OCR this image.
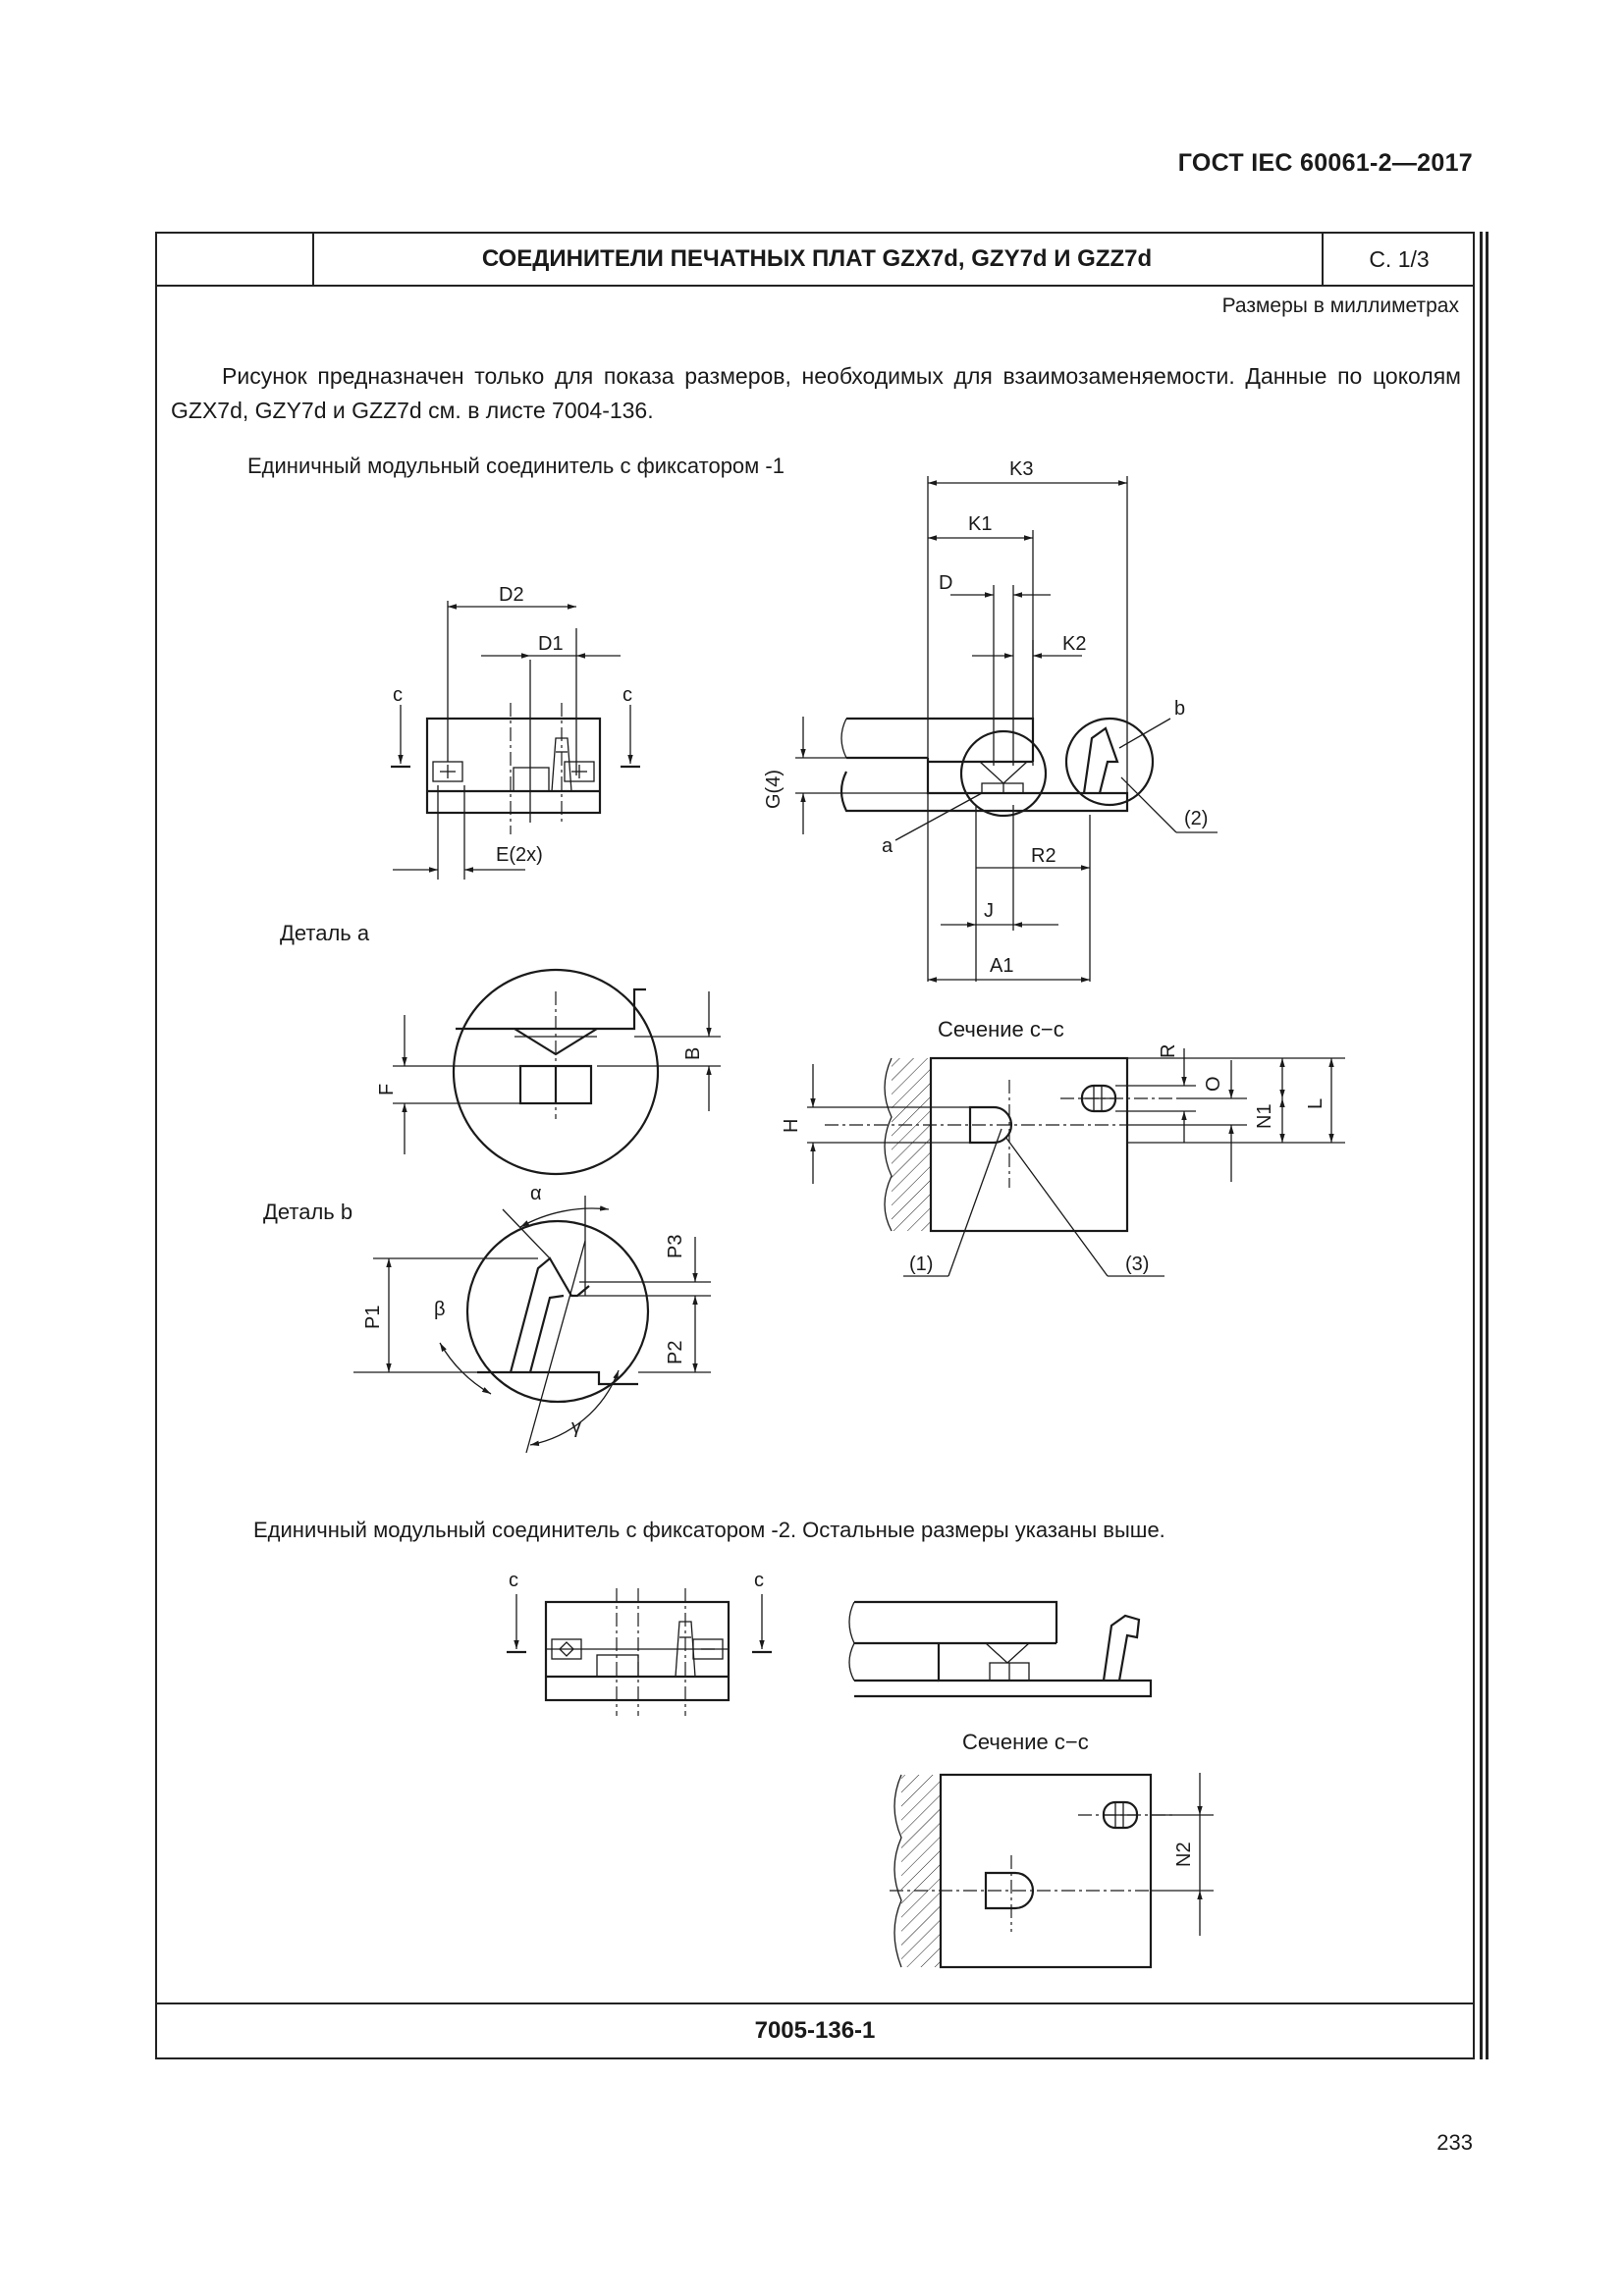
ГОСТ IEC 60061-2—2017
СОЕДИНИТЕЛИ ПЕЧАТНЫХ ПЛАТ GZX7d, GZY7d И GZZ7d	С. 1/3
Размеры в миллиметрах
Рисунок предназначен только для показа размеров, необходимых для взаимозаменяемости. Данные по цоколям GZX7d, GZY7d и GZZ7d см. в листе 7004-136.
7005-136-1
Единичный модульный соединитель с фиксатором -1
Деталь a
Деталь b
Сечение c−c
Единичный модульный соединитель с фиксатором -2. Остальные размеры указаны выше.
Сечение c−c
233
D2
D1
c	c
E(2x)
K3
K1
D
K2
G(4)
b
(2)
a	R2
J
A1
F
B
α
β
γ
P1
P3
P2
H
R
O
N1 L
(1)	(3)
c	c
N2
